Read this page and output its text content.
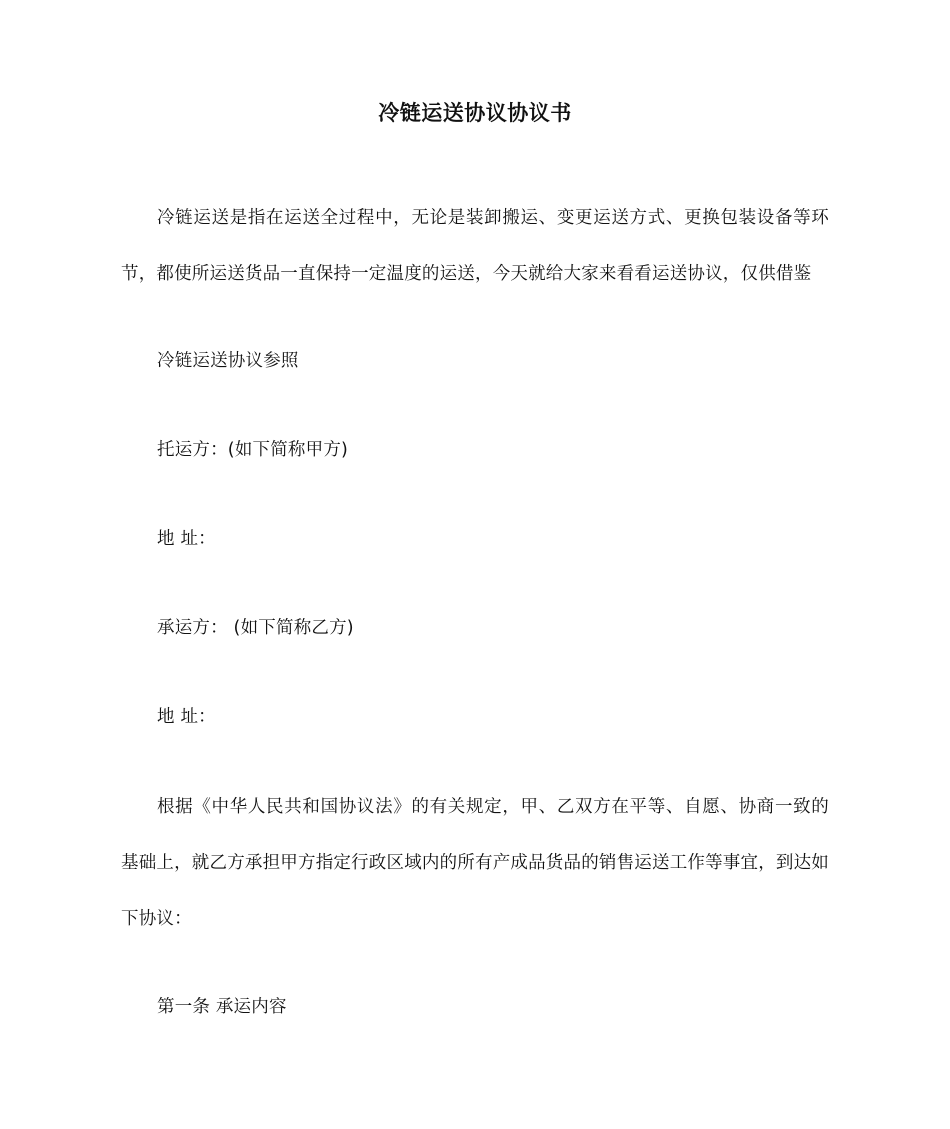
冷链运送协议协议书

冷链运送是指在运送全过程中，无论是装卸搬运、变更运送方式、更换包装设备等环节，都使所运送货品一直保持一定温度的运送，今天就给大家来看看运送协议，仅供借鉴

冷链运送协议参照
托运方：(如下简称甲方)
地 址：
承运方： (如下简称乙方)
地 址：

根据《中华人民共和国协议法》的有关规定，甲、乙双方在平等、自愿、协商一致的基础上，就乙方承担甲方指定行政区域内的所有产成品货品的销售运送工作等事宜，到达如下协议：

第一条 承运内容
